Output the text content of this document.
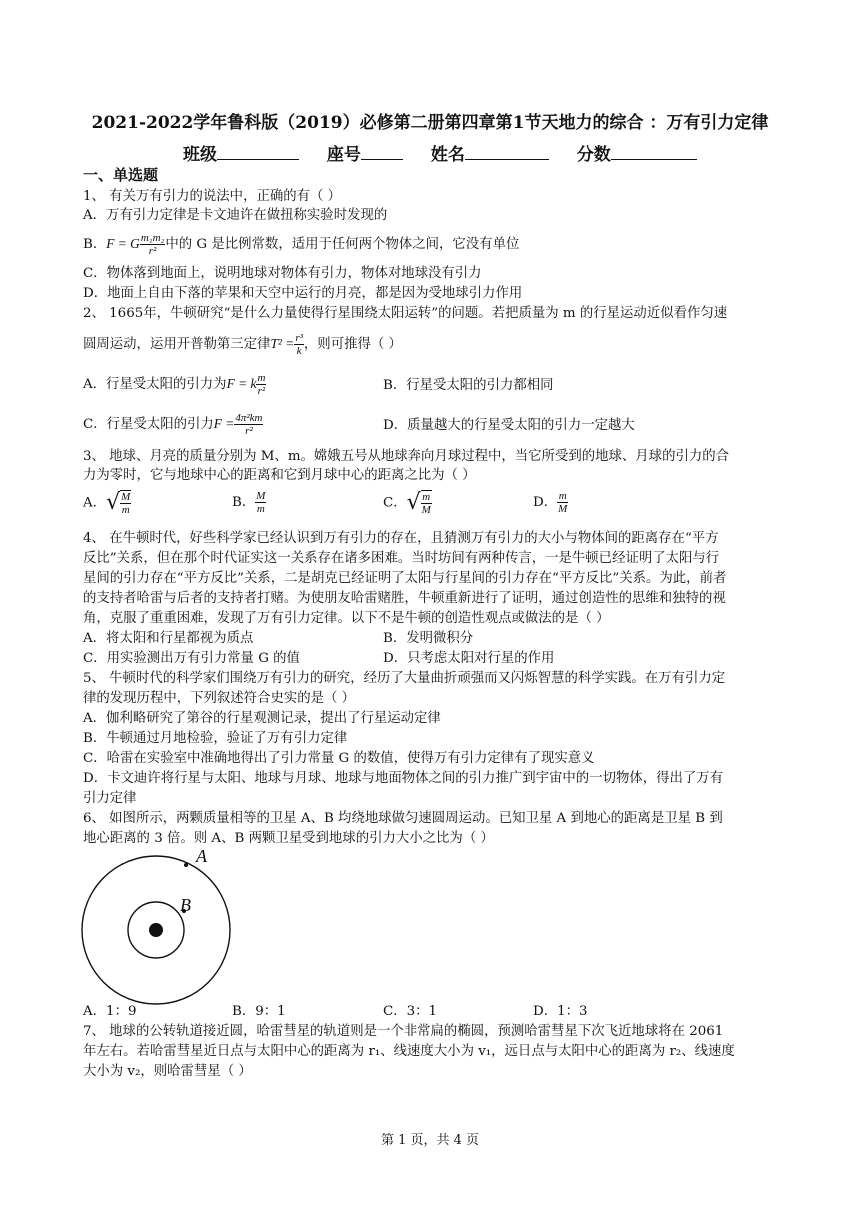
2021-2022学年鲁科版（2019）必修第二册第四章第1节天地力的综合 ：万有引力定律
班级	座号	姓名	分数
一、单选题
1、 有关万有引力的说法中，正确的有（ ）
A．万有引力定律是卡文迪许在做扭称实验时发现的
B．F = G $\frac{\text{m₁m₂}}{\text{r²}}$ 中的 G 是比例常数，适用于任何两个物体之间，它没有单位
C．物体落到地面上，说明地球对物体有引力，物体对地球没有引力
D．地面上自由下落的苹果和天空中运行的月亮，都是因为受地球引力作用
2、 1665年，牛顿研究“是什么力量使得行星围绕太阳运转”的问题。若把质量为 m 的行星运动近似看作匀速
圆周运动，运用开普勒第三定律$T^2 = \frac{\text{r³}}{k}$ ，则可推得（ ）
A．行星受太阳的引力为F = k $\frac{m}{\text{r²}}$	B．行星受太阳的引力都相同
C．行星受太阳的引力$F = \frac{\text{4π²km}}{\text{r²}}$	D．质量越大的行星受太阳的引力一定越大
3、 地球、月亮的质量分别为 M、m。嫦娥五号从地球奔向月球过程中，当它所受到的地球、月球的引力的合
力为零时，它与地球中心的距离和它到月球中心的距离之比为（ ）
A．√ $\frac{M}{m}$	B． $\frac{M}{m}$	C．√ $\frac{m}{M}$	D． $\frac{m}{M}$
4、 在牛顿时代，好些科学家已经认识到万有引力的存在，且猜测万有引力的大小与物体间的距离存在“平方
反比”关系，但在那个时代证实这一关系存在诸多困难。当时坊间有两种传言，一是牛顿已经证明了太阳与行
星间的引力存在“平方反比”关系，二是胡克已经证明了太阳与行星间的引力存在“平方反比”关系。为此，前者
的支持者哈雷与后者的支持者打赌。为使朋友哈雷赌胜，牛顿重新进行了证明，通过创造性的思维和独特的视
角，克服了重重困难，发现了万有引力定律。以下不是牛顿的创造性观点或做法的是（ ）
A．将太阳和行星都视为质点	B．发明微积分
C．用实验测出万有引力常量 G 的值	D．只考虑太阳对行星的作用
5、 牛顿时代的科学家们围绕万有引力的研究，经历了大量曲折顽强而又闪烁智慧的科学实践。在万有引力定
律的发现历程中，下列叙述符合史实的是（ ）
A．伽利略研究了第谷的行星观测记录，提出了行星运动定律
B．牛顿通过月地检验，验证了万有引力定律
C．哈雷在实验室中准确地得出了引力常量 G 的数值，使得万有引力定律有了现实意义
D．卡文迪许将行星与太阳、地球与月球、地球与地面物体之间的引力推广到宇宙中的一切物体，得出了万有
引力定律
6、 如图所示，两颗质量相等的卫星 A、B 均绕地球做匀速圆周运动。已知卫星 A 到地心的距离是卫星 B 到
地心距离的 3 倍。则 A、B 两颗卫星受到地球的引力大小之比为（ ）
A
B
A．1：9	B．9：1	C．3：1	D．1：3
7、 地球的公转轨道接近圆，哈雷彗星的轨道则是一个非常扁的椭圆，预测哈雷彗星下次飞近地球将在 2061
年左右。若哈雷彗星近日点与太阳中心的距离为 r₁、线速度大小为 v₁，远日点与太阳中心的距离为 r₂、线速度
大小为 v₂，则哈雷彗星（ ）
第 1 页，共 4 页
